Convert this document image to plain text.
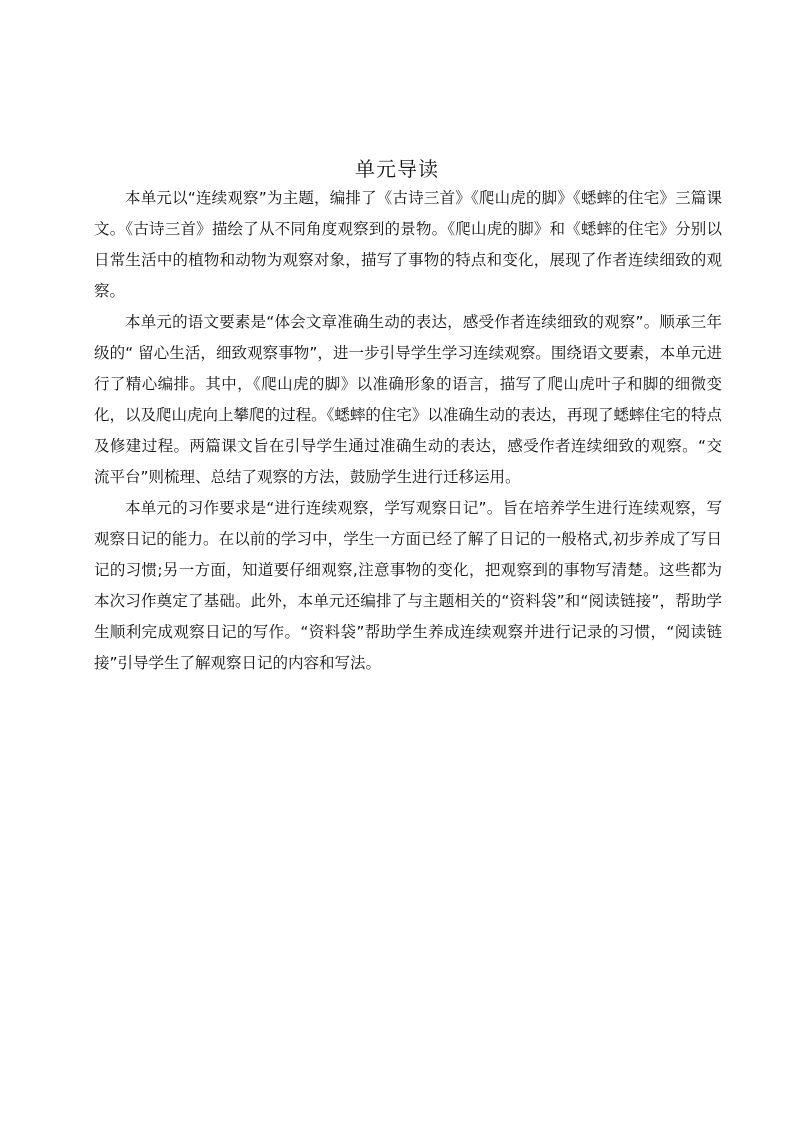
单元导读

本单元以“连续观察”为主题，编排了《古诗三首》《爬山虎的脚》《蟋蟀的住宅》三篇课文。《古诗三首》描绘了从不同角度观察到的景物。《爬山虎的脚》和《蟋蟀的住宅》分别以日常生活中的植物和动物为观察对象，描写了事物的特点和变化，展现了作者连续细致的观察。

本单元的语文要素是“体会文章准确生动的表达，感受作者连续细致的观察”。顺承三年级的“ 留心生活，细致观察事物”，进一步引导学生学习连续观察。围绕语文要素，本单元进行了精心编排。其中，《爬山虎的脚》以准确形象的语言，描写了爬山虎叶子和脚的细微变化，以及爬山虎向上攀爬的过程。《蟋蟀的住宅》以准确生动的表达，再现了蟋蟀住宅的特点及修建过程。两篇课文旨在引导学生通过准确生动的表达，感受作者连续细致的观察。“交流平台”则梳理、总结了观察的方法，鼓励学生进行迁移运用。

本单元的习作要求是“进行连续观察，学写观察日记”。旨在培养学生进行连续观察，写观察日记的能力。在以前的学习中，学生一方面已经了解了日记的一般格式,初步养成了写日记的习惯;另一方面，知道要仔细观察,注意事物的变化，把观察到的事物写清楚。这些都为本次习作奠定了基础。此外，本单元还编排了与主题相关的“资料袋”和“阅读链接”，帮助学生顺利完成观察日记的写作。“资料袋”帮助学生养成连续观察并进行记录的习惯，“阅读链接”引导学生了解观察日记的内容和写法。
